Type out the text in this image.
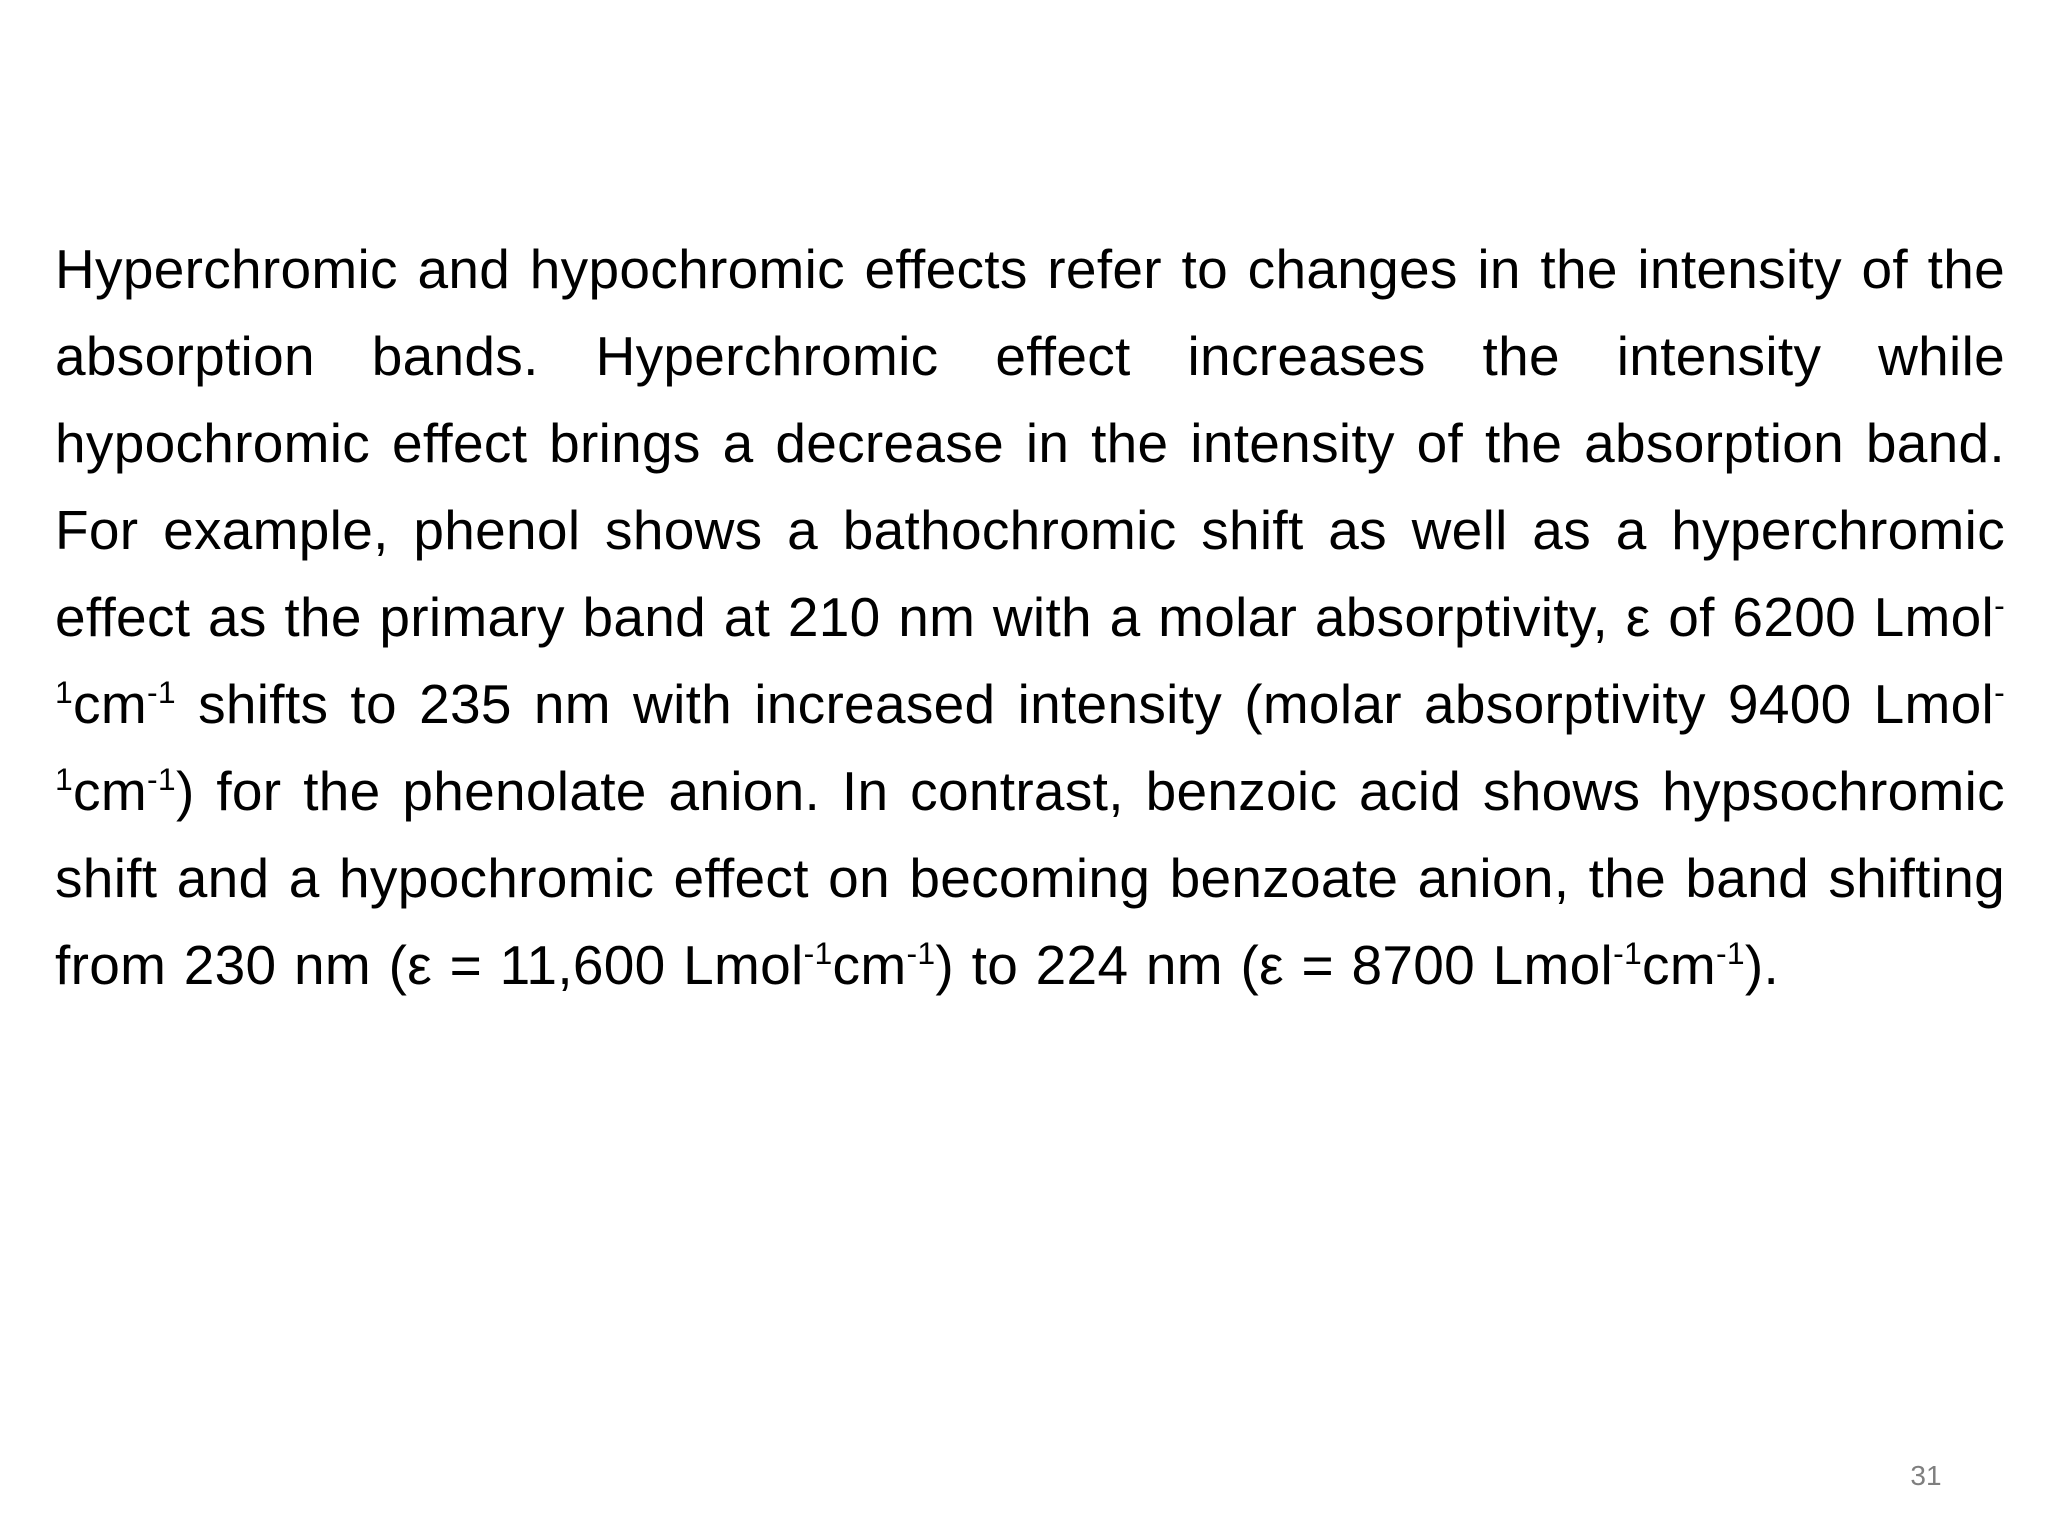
Hyperchromic and hypochromic effects refer to changes in the intensity of the absorption bands. Hyperchromic effect increases the intensity while hypochromic effect brings a decrease in the intensity of the absorption band. For example, phenol shows a bathochromic shift as well as a hyperchromic effect as the primary band at 210 nm with a molar absorptivity, ε of 6200 $Lmol^{-1}cm^{-1}$ shifts to 235 nm with increased intensity (molar absorptivity 9400 $Lmol^{-1}cm^{-1}$) for the phenolate anion. In contrast, benzoic acid shows hypsochromic shift and a hypochromic effect on becoming benzoate anion, the band shifting from 230 nm (ε = 11,600 $Lmol^{-1}cm^{-1}$) to 224 nm (ε = 8700 $Lmol^{-1}cm^{-1}$).

31
